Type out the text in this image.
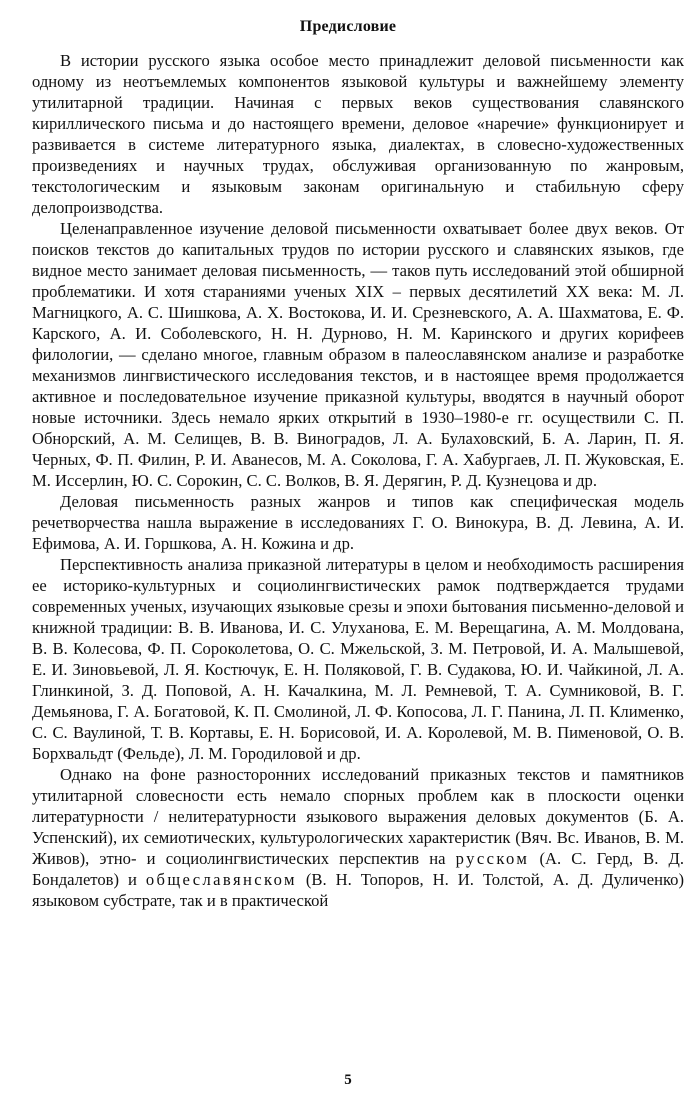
Предисловие

В истории русского языка особое место принадлежит деловой письменности как одному из неотъемлемых компонентов языковой культуры и важнейшему элементу утилитарной традиции. Начиная с первых веков существования славянского кириллического письма и до настоящего времени, деловое «наречие» функционирует и развивается в системе литературного языка, диалектах, в словесно-художественных произведениях и научных трудах, обслуживая организованную по жанровым, текстологическим и языковым законам оригинальную и стабильную сферу делопроизводства.

Целенаправленное изучение деловой письменности охватывает более двух веков. От поисков текстов до капитальных трудов по истории русского и славянских языков, где видное место занимает деловая письменность, — таков путь исследований этой обширной проблематики. И хотя стараниями ученых XIX – первых десятилетий XX века: М. Л. Магницкого, А. С. Шишкова, А. Х. Востокова, И. И. Срезневского, А. А. Шахматова, Е. Ф. Карского, А. И. Соболевского, Н. Н. Дурново, Н. М. Каринского и других корифеев филологии, — сделано многое, главным образом в палеославянском анализе и разработке механизмов лингвистического исследования текстов, и в настоящее время продолжается активное и последовательное изучение приказной культуры, вводятся в научный оборот новые источники. Здесь немало ярких открытий в 1930–1980-е гг. осуществили С. П. Обнорский, А. М. Селищев, В. В. Виноградов, Л. А. Булаховский, Б. А. Ларин, П. Я. Черных, Ф. П. Филин, Р. И. Аванесов, М. А. Соколова, Г. А. Хабургаев, Л. П. Жуковская, Е. М. Иссерлин, Ю. С. Сорокин, С. С. Волков, В. Я. Дерягин, Р. Д. Кузнецова и др.

Деловая письменность разных жанров и типов как специфическая модель речетворчества нашла выражение в исследованиях Г. О. Винокура, В. Д. Левина, А. И. Ефимова, А. И. Горшкова, А. Н. Кожина и др.

Перспективность анализа приказной литературы в целом и необходимость расширения ее историко-культурных и социолингвистических рамок подтверждается трудами современных ученых, изучающих языковые срезы и эпохи бытования письменно-деловой и книжной традиции: В. В. Иванова, И. С. Улуханова, Е. М. Верещагина, А. М. Молдована, В. В. Колесова, Ф. П. Сороколетова, О. С. Мжельской, З. М. Петровой, И. А. Малышевой, Е. И. Зиновьевой, Л. Я. Костючук, Е. Н. Поляковой, Г. В. Судакова, Ю. И. Чайкиной, Л. А. Глинкиной, З. Д. Поповой, А. Н. Качалкина, М. Л. Ремневой, Т. А. Сумниковой, В. Г. Демьянова, Г. А. Богатовой, К. П. Смолиной, Л. Ф. Копосова, Л. Г. Панина, Л. П. Клименко, С. С. Ваулиной, Т. В. Кортавы, Е. Н. Борисовой, И. А. Королевой, М. В. Пименовой, О. В. Борхвальдт (Фельде), Л. М. Городиловой и др.

Однако на фоне разносторонних исследований приказных текстов и памятников утилитарной словесности есть немало спорных проблем как в плоскости оценки литературности / нелитературности языкового выражения деловых документов (Б. А. Успенский), их семиотических, культурологических характеристик (Вяч. Вс. Иванов, В. М. Живов), этно- и социолингвистических перспектив на русском (А. С. Герд, В. Д. Бондалетов) и общеславянском (В. Н. Топоров, Н. И. Толстой, А. Д. Дуличенко) языковом субстрате, так и в практической

5
